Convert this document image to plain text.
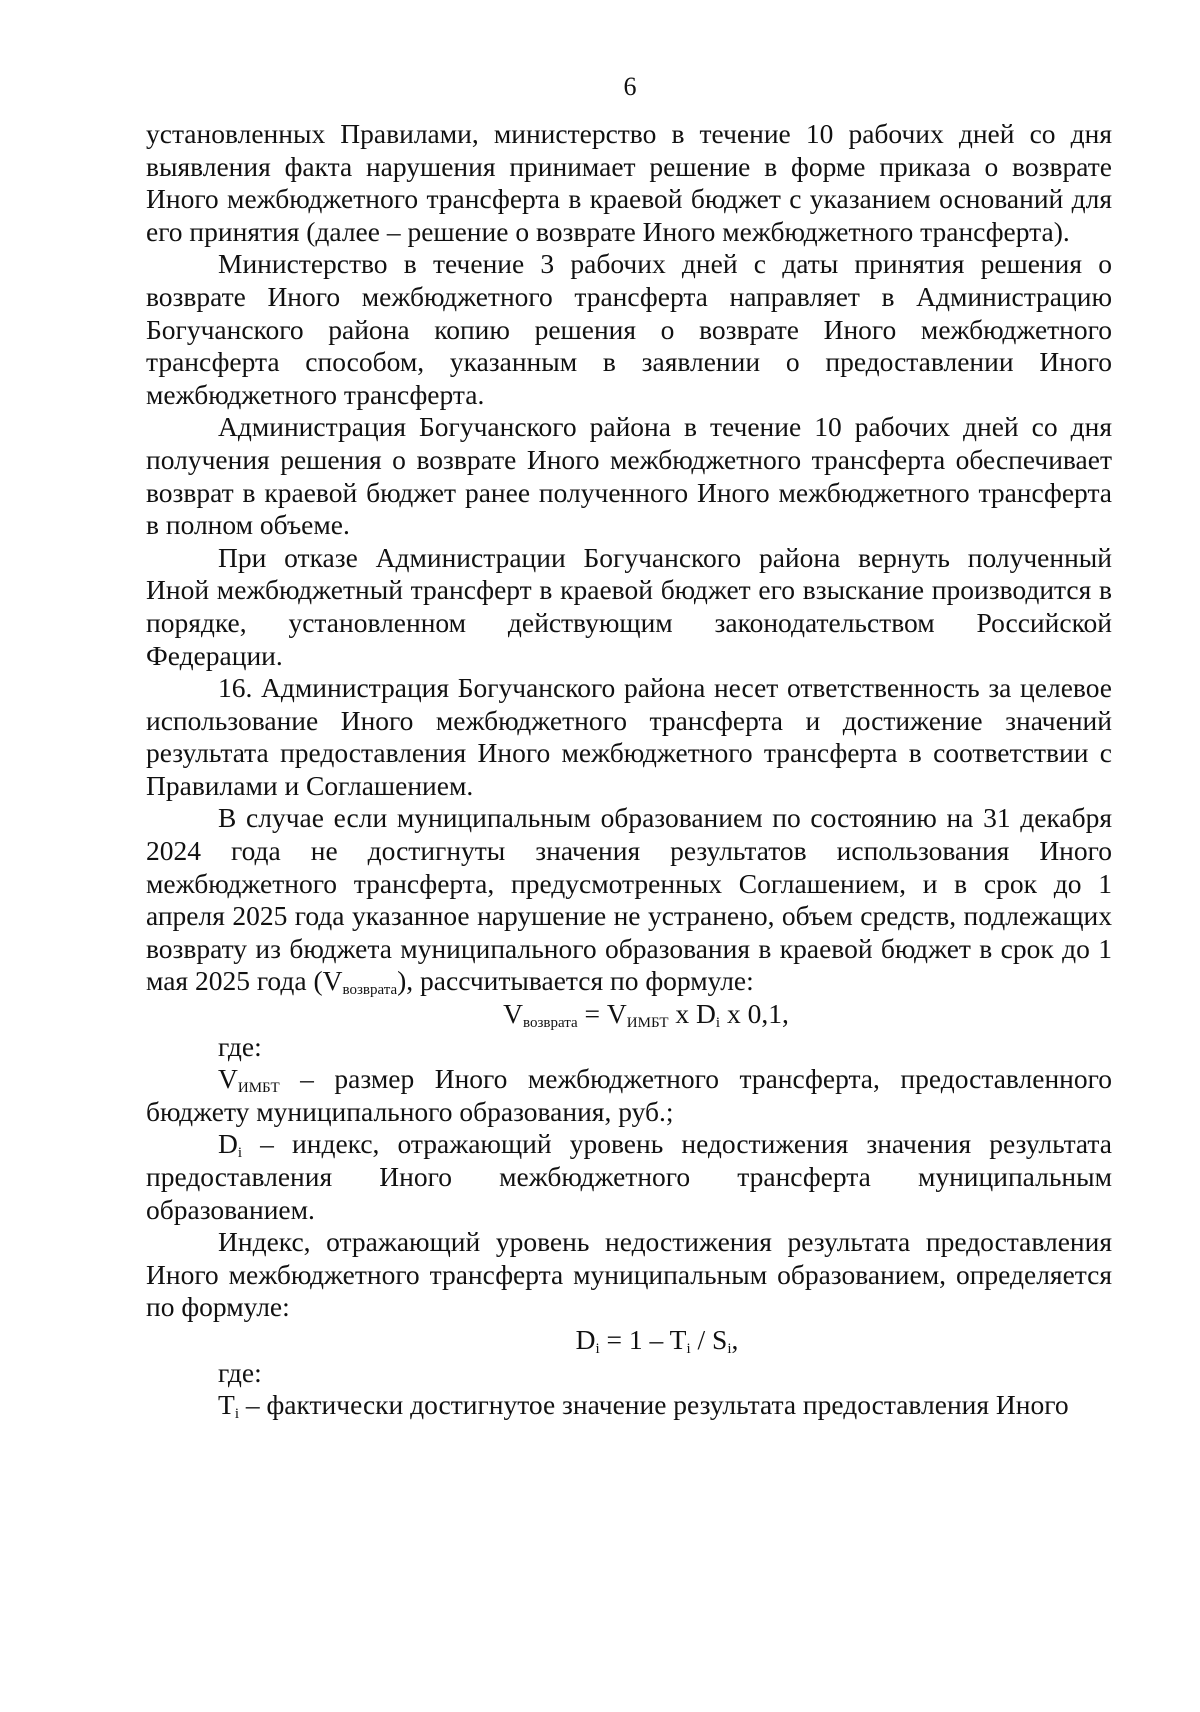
6

установленных Правилами, министерство в течение 10 рабочих дней со дня выявления факта нарушения принимает решение в форме приказа о возврате Иного межбюджетного трансферта в краевой бюджет с указанием оснований для его принятия (далее – решение о возврате Иного межбюджетного трансферта).

Министерство в течение 3 рабочих дней с даты принятия решения о возврате Иного межбюджетного трансферта направляет в Администрацию Богучанского района копию решения о возврате Иного межбюджетного трансферта способом, указанным в заявлении о предоставлении Иного межбюджетного трансферта.

Администрация Богучанского района в течение 10 рабочих дней со дня получения решения о возврате Иного межбюджетного трансферта обеспечивает возврат в краевой бюджет ранее полученного Иного межбюджетного трансферта в полном объеме.

При отказе Администрации Богучанского района вернуть полученный Иной межбюджетный трансферт в краевой бюджет его взыскание производится в порядке, установленном действующим законодательством Российской Федерации.

16. Администрация Богучанского района несет ответственность за целевое использование Иного межбюджетного трансферта и достижение значений результата предоставления Иного межбюджетного трансферта в соответствии с Правилами и Соглашением.

В случае если муниципальным образованием по состоянию на 31 декабря 2024 года не достигнуты значения результатов использования Иного межбюджетного трансферта, предусмотренных Соглашением, и в срок до 1 апреля 2025 года указанное нарушение не устранено, объем средств, подлежащих возврату из бюджета муниципального образования в краевой бюджет в срок до 1 мая 2025 года $(V_{возврата})$, рассчитывается по формуле:

$V_{возврата} = V_{ИМБТ}$ x $D_i$ x 0,1,

где:

$V_{ИМБТ}$ – размер Иного межбюджетного трансферта, предоставленного бюджету муниципального образования, руб.;

$D_i$ – индекс, отражающий уровень недостижения значения результата предоставления Иного межбюджетного трансферта муниципальным образованием.

Индекс, отражающий уровень недостижения результата предоставления Иного межбюджетного трансферта муниципальным образованием, определяется по формуле:

$D_i = 1 - T_i / S_i$,

где:

$T_i$ – фактически достигнутое значение результата предоставления Иного
